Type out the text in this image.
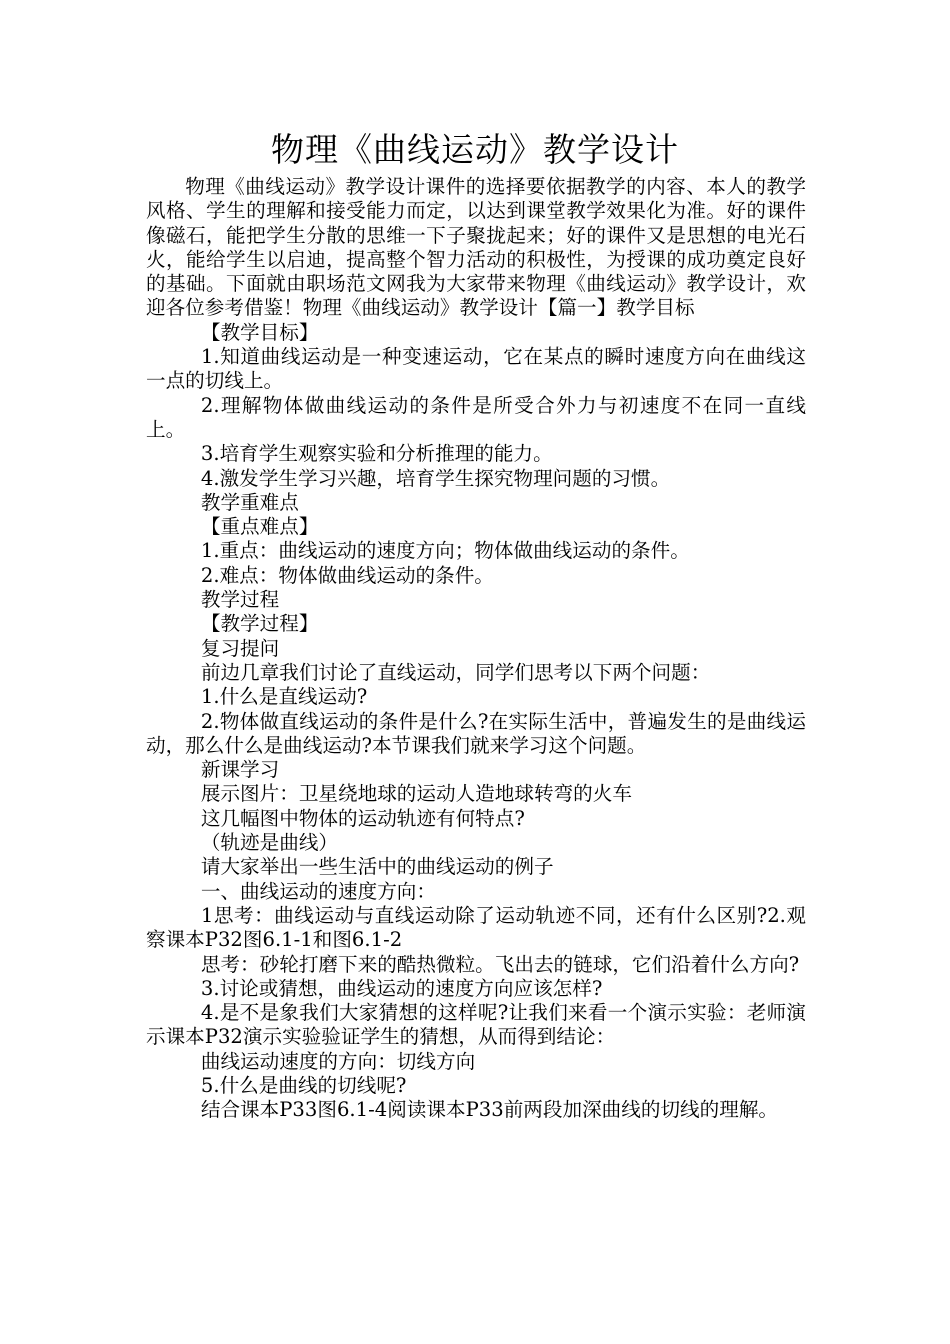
物理《曲线运动》教学设计

物理《曲线运动》教学设计课件的选择要依据教学的内容、本人的教学风格、学生的理解和接受能力而定，以达到课堂教学效果化为准。好的课件像磁石，能把学生分散的思维一下子聚拢起来；好的课件又是思想的电光石火，能给学生以启迪，提高整个智力活动的积极性，为授课的成功奠定良好的基础。下面就由职场范文网我为大家带来物理《曲线运动》教学设计，欢迎各位参考借鉴！物理《曲线运动》教学设计【篇一】教学目标

【教学目标】

1.知道曲线运动是一种变速运动，它在某点的瞬时速度方向在曲线这一点的切线上。

2.理解物体做曲线运动的条件是所受合外力与初速度不在同一直线上。

3.培育学生观察实验和分析推理的能力。

4.激发学生学习兴趣，培育学生探究物理问题的习惯。

教学重难点

【重点难点】

1.重点：曲线运动的速度方向；物体做曲线运动的条件。

2.难点：物体做曲线运动的条件。

教学过程

【教学过程】

复习提问

前边几章我们讨论了直线运动，同学们思考以下两个问题：

1.什么是直线运动?

2.物体做直线运动的条件是什么?在实际生活中，普遍发生的是曲线运动，那么什么是曲线运动?本节课我们就来学习这个问题。

新课学习

展示图片：卫星绕地球的运动人造地球转弯的火车

这几幅图中物体的运动轨迹有何特点?

（轨迹是曲线）

请大家举出一些生活中的曲线运动的例子

一、曲线运动的速度方向：

1思考：曲线运动与直线运动除了运动轨迹不同，还有什么区别?2.观察课本P32图6.1-1和图6.1-2

思考：砂轮打磨下来的酷热微粒。飞出去的链球，它们沿着什么方向?

3.讨论或猜想，曲线运动的速度方向应该怎样?

4.是不是象我们大家猜想的这样呢?让我们来看一个演示实验：老师演示课本P32演示实验验证学生的猜想，从而得到结论：

曲线运动速度的方向：切线方向

5.什么是曲线的切线呢?

结合课本P33图6.1-4阅读课本P33前两段加深曲线的切线的理解。
